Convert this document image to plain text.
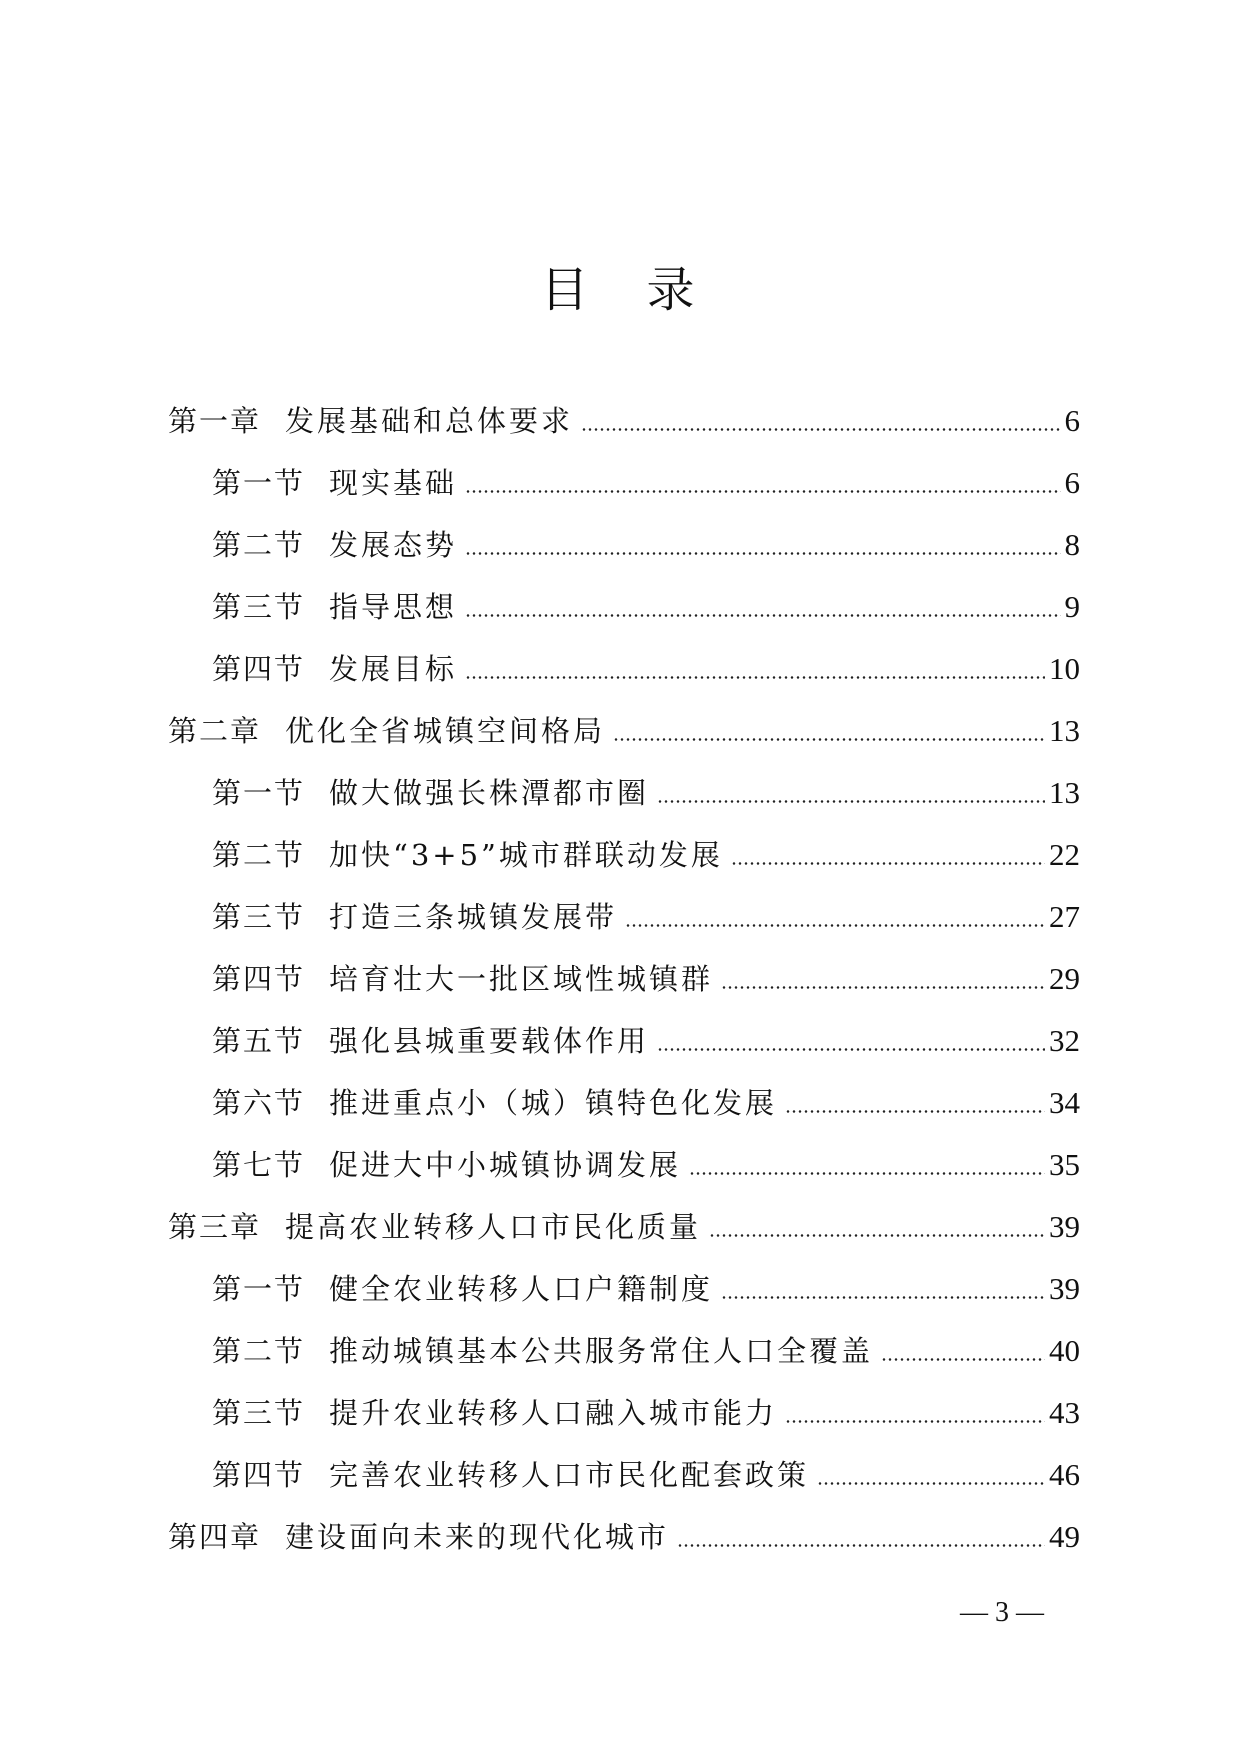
目 录
第一章 发展基础和总体要求	6
第一节 现实基础	6
第二节 发展态势	8
第三节 指导思想	9
第四节 发展目标	10
第二章 优化全省城镇空间格局	13
第一节 做大做强长株潭都市圈	13
第二节 加快“3+5”城市群联动发展	22
第三节 打造三条城镇发展带	27
第四节 培育壮大一批区域性城镇群	29
第五节 强化县城重要载体作用	32
第六节 推进重点小（城）镇特色化发展	34
第七节 促进大中小城镇协调发展	35
第三章 提高农业转移人口市民化质量	39
第一节 健全农业转移人口户籍制度	39
第二节 推动城镇基本公共服务常住人口全覆盖	40
第三节 提升农业转移人口融入城市能力	43
第四节 完善农业转移人口市民化配套政策	46
第四章 建设面向未来的现代化城市	49
— 3 —
